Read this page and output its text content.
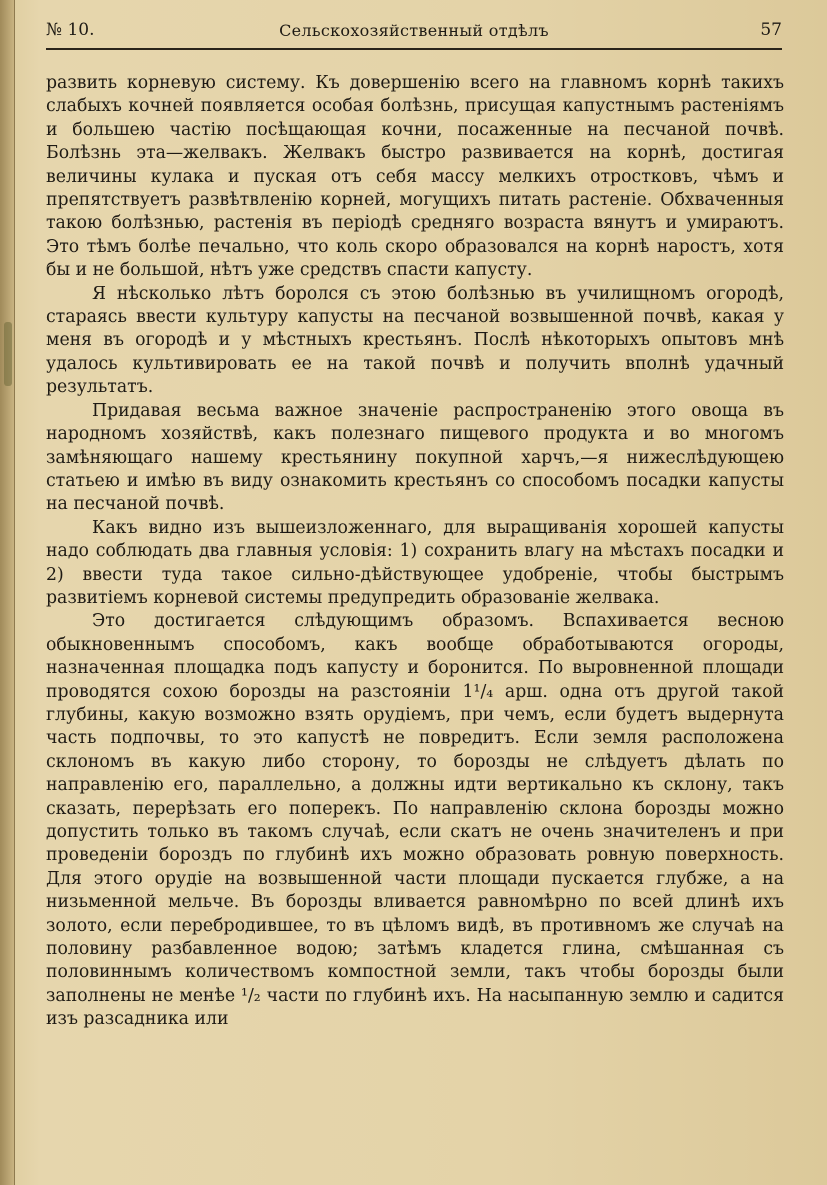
№ 10.	Сельскохозяйственный отдѣлъ	57

развить корневую систему. Къ довершенію всего на главномъ корнѣ такихъ слабыхъ кочней появляется особая болѣзнь, присущая капустнымъ растеніямъ и большею частію посѣщающая кочни, посаженные на песчаной почвѣ. Болѣзнь эта—желвакъ. Желвакъ быстро развивается на корнѣ, достигая величины кулака и пуская отъ себя массу мелкихъ отростковъ, чѣмъ и препятствуетъ развѣтвленію корней, могущихъ питать растеніе. Обхваченныя такою болѣзнью, растенія въ періодѣ средняго возраста вянутъ и умираютъ. Это тѣмъ болѣе печально, что коль скоро образовался на корнѣ наростъ, хотя бы и не большой, нѣтъ уже средствъ спасти капусту.

Я нѣсколько лѣтъ боролся съ этою болѣзнью въ училищномъ огородѣ, стараясь ввести культуру капусты на песчаной возвышенной почвѣ, какая у меня въ огородѣ и у мѣстныхъ крестьянъ. Послѣ нѣкоторыхъ опытовъ мнѣ удалось культивировать ее на такой почвѣ и получить вполнѣ удачный результатъ.

Придавая весьма важное значеніе распространенію этого овоща въ народномъ хозяйствѣ, какъ полезнаго пищевого продукта и во многомъ замѣняющаго нашему крестьянину покупной харчъ,—я нижеслѣдующею статьею и имѣю въ виду ознакомить крестьянъ со способомъ посадки капусты на песчаной почвѣ.

Какъ видно изъ вышеизложеннаго, для выращиванія хорошей капусты надо соблюдать два главныя условія: 1) сохранить влагу на мѣстахъ посадки и 2) ввести туда такое сильно-дѣйствующее удобреніе, чтобы быстрымъ развитіемъ корневой системы предупредить образованіе желвака.

Это достигается слѣдующимъ образомъ. Вспахивается весною обыкновеннымъ способомъ, какъ вообще обработываются огороды, назначенная площадка подъ капусту и боронится. По выровненной площади проводятся сохою борозды на разстояніи 1¹/₄ арш. одна отъ другой такой глубины, какую возможно взять орудіемъ, при чемъ, если будетъ выдернута часть подпочвы, то это капустѣ не повредитъ. Если земля расположена склономъ въ какую либо сторону, то борозды не слѣдуетъ дѣлать по направленію его, параллельно, а должны идти вертикально къ склону, такъ сказать, перерѣзать его поперекъ. По направленію склона борозды можно допустить только въ такомъ случаѣ, если скатъ не очень значителенъ и при проведеніи бороздъ по глубинѣ ихъ можно образовать ровную поверхность. Для этого орудіе на возвышенной части площади пускается глубже, а на низьменной мельче. Въ борозды вливается равномѣрно по всей длинѣ ихъ золото, если перебродившее, то въ цѣломъ видѣ, въ противномъ же случаѣ на половину разбавленное водою; затѣмъ кладется глина, смѣшанная съ половиннымъ количествомъ компостной земли, такъ чтобы борозды были заполнены не менѣе ¹/₂ части по глубинѣ ихъ. На насыпанную землю и садится изъ разсадника или
